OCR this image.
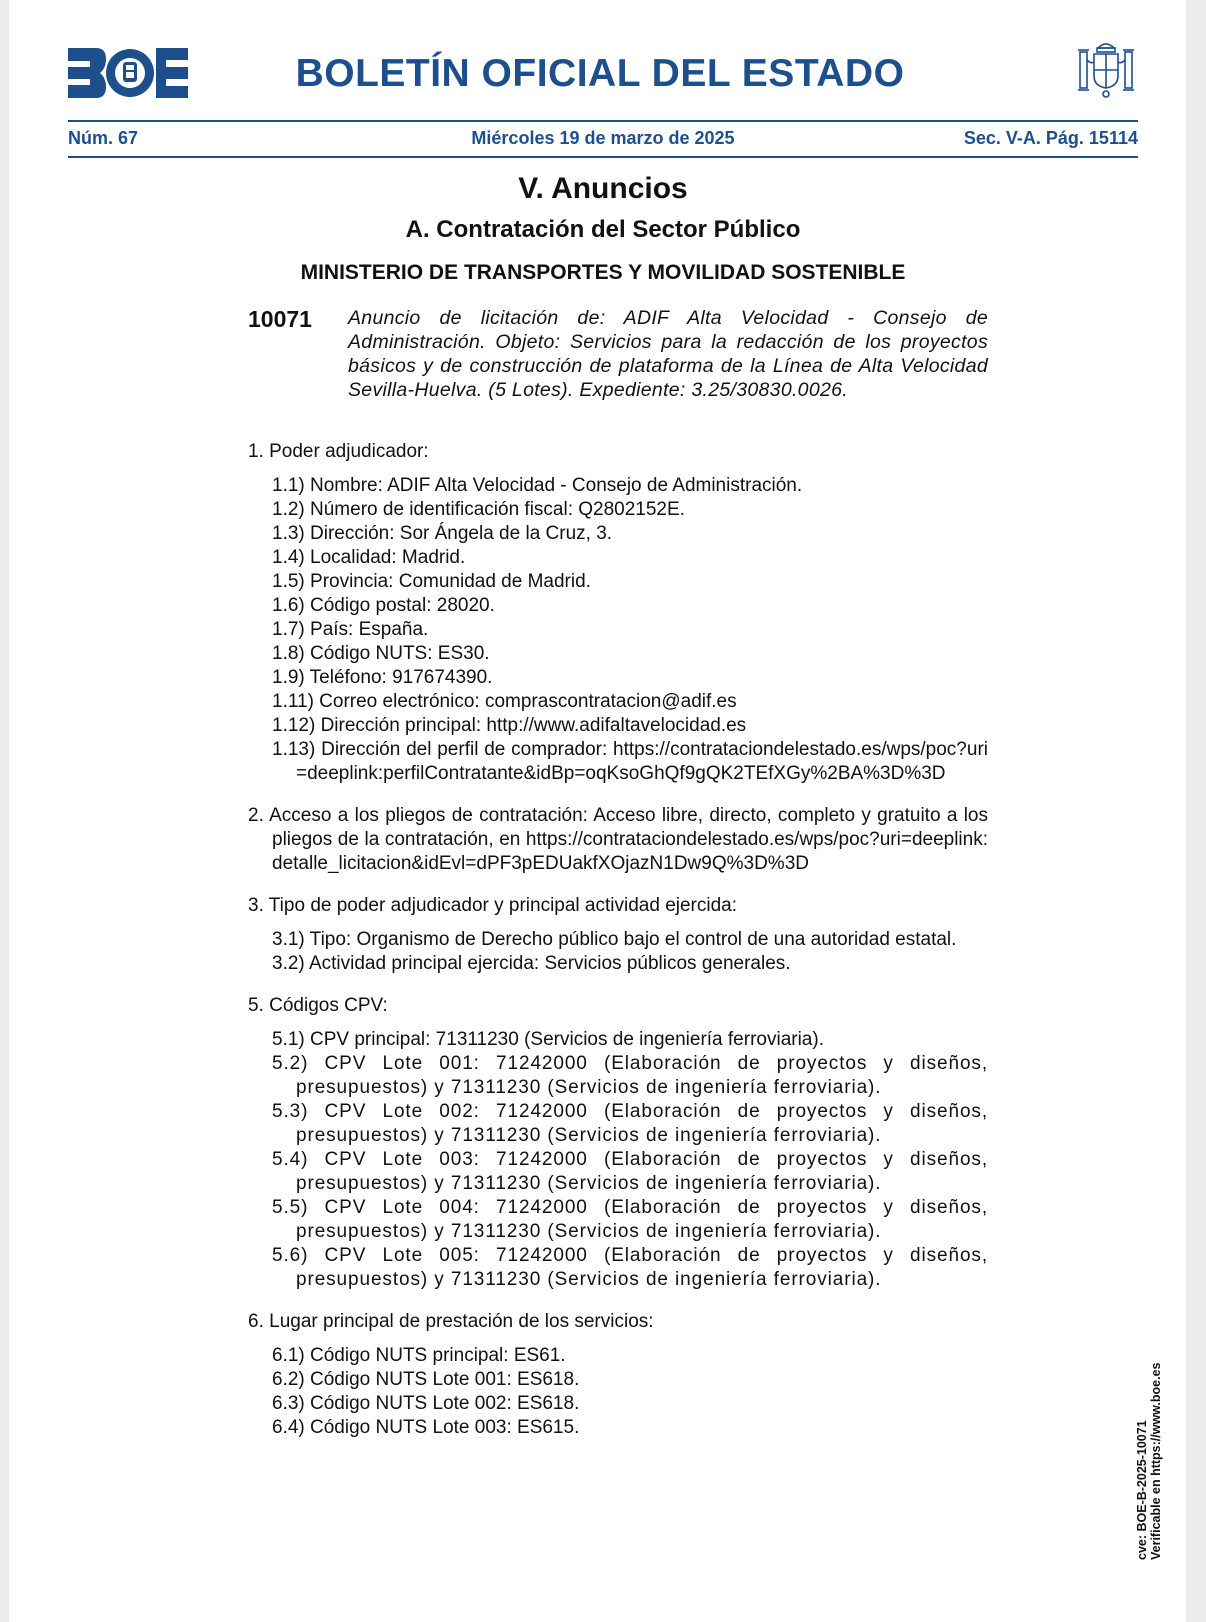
BOLETÍN OFICIAL DEL ESTADO
Núm. 67	Miércoles 19 de marzo de 2025	Sec. V-A. Pág. 15114
V. Anuncios
A. Contratación del Sector Público
MINISTERIO DE TRANSPORTES Y MOVILIDAD SOSTENIBLE
10071 Anuncio de licitación de: ADIF Alta Velocidad - Consejo de Administración. Objeto: Servicios para la redacción de los proyectos básicos y de construcción de plataforma de la Línea de Alta Velocidad Sevilla-Huelva. (5 Lotes). Expediente: 3.25/30830.0026.
1. Poder adjudicador:
1.1) Nombre: ADIF Alta Velocidad - Consejo de Administración.
1.2) Número de identificación fiscal: Q2802152E.
1.3) Dirección: Sor Ángela de la Cruz, 3.
1.4) Localidad: Madrid.
1.5) Provincia: Comunidad de Madrid.
1.6) Código postal: 28020.
1.7) País: España.
1.8) Código NUTS: ES30.
1.9) Teléfono: 917674390.
1.11) Correo electrónico: comprascontratacion@adif.es
1.12) Dirección principal: http://www.adifaltavelocidad.es
1.13) Dirección del perfil de comprador: https://contrataciondelestado.es/wps/poc?uri=deeplink:perfilContratante&idBp=oqKsoGhQf9gQK2TEfXGy%2BA%3D%3D
2. Acceso a los pliegos de contratación: Acceso libre, directo, completo y gratuito a los pliegos de la contratación, en https://contrataciondelestado.es/wps/poc?uri=deeplink:detalle_licitacion&idEvl=dPF3pEDUakfXOjazN1Dw9Q%3D%3D
3. Tipo de poder adjudicador y principal actividad ejercida:
3.1) Tipo: Organismo de Derecho público bajo el control de una autoridad estatal.
3.2) Actividad principal ejercida: Servicios públicos generales.
5. Códigos CPV:
5.1) CPV principal: 71311230 (Servicios de ingeniería ferroviaria).
5.2) CPV Lote 001: 71242000 (Elaboración de proyectos y diseños, presupuestos) y 71311230 (Servicios de ingeniería ferroviaria).
5.3) CPV Lote 002: 71242000 (Elaboración de proyectos y diseños, presupuestos) y 71311230 (Servicios de ingeniería ferroviaria).
5.4) CPV Lote 003: 71242000 (Elaboración de proyectos y diseños, presupuestos) y 71311230 (Servicios de ingeniería ferroviaria).
5.5) CPV Lote 004: 71242000 (Elaboración de proyectos y diseños, presupuestos) y 71311230 (Servicios de ingeniería ferroviaria).
5.6) CPV Lote 005: 71242000 (Elaboración de proyectos y diseños, presupuestos) y 71311230 (Servicios de ingeniería ferroviaria).
6. Lugar principal de prestación de los servicios:
6.1) Código NUTS principal: ES61.
6.2) Código NUTS Lote 001: ES618.
6.3) Código NUTS Lote 002: ES618.
6.4) Código NUTS Lote 003: ES615.	cve: BOE-B-2025-10071 Verificable en https://www.boe.es
